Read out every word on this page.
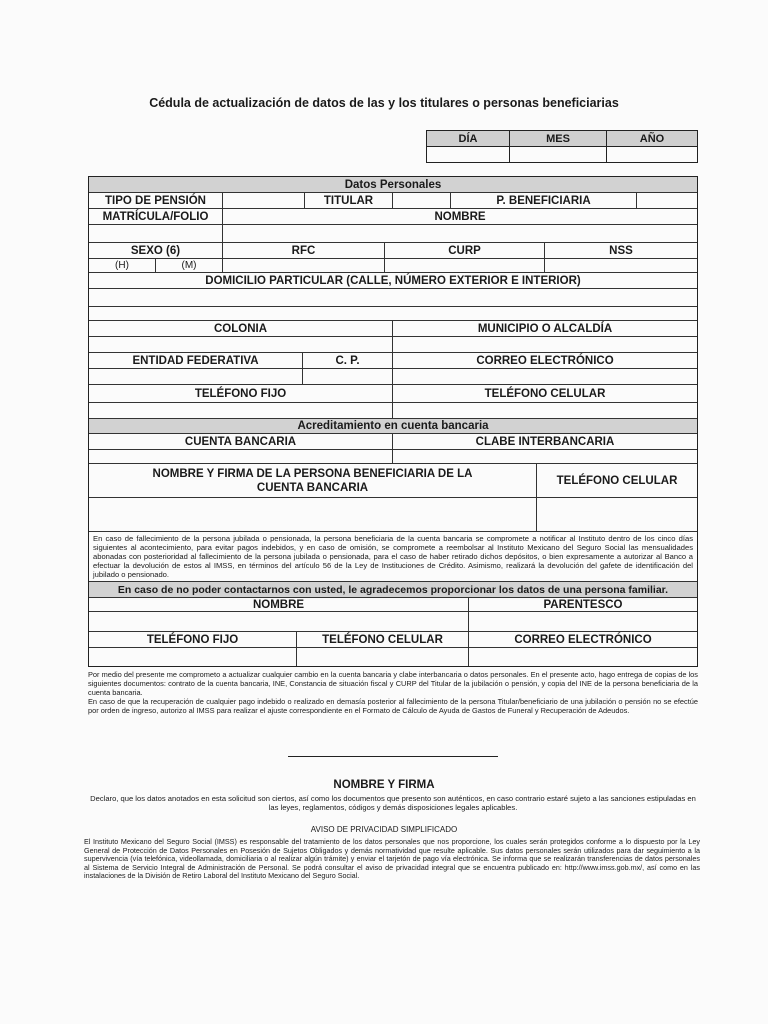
Cédula de actualización de datos de las y los titulares o personas beneficiarias
DÍA	MES	AÑO

Datos Personales
TIPO DE PENSIÓN	TITULAR	P. BENEFICIARIA
MATRÍCULA/FOLIO	NOMBRE
SEXO (6)	RFC	CURP	NSS
(H)	(M)
DOMICILIO PARTICULAR (CALLE, NÚMERO EXTERIOR E INTERIOR)
COLONIA	MUNICIPIO O ALCALDÍA
ENTIDAD FEDERATIVA	C. P.	CORREO ELECTRÓNICO
TELÉFONO FIJO	TELÉFONO CELULAR
Acreditamiento en cuenta bancaria
CUENTA BANCARIA	CLABE INTERBANCARIA
NOMBRE Y FIRMA DE LA PERSONA BENEFICIARIA DE LA CUENTA BANCARIA
TELÉFONO CELULAR
En caso de fallecimiento de la persona jubilada o pensionada, la persona beneficiaria de la cuenta bancaria se compromete a notificar al Instituto dentro de los cinco días siguientes al acontecimiento, para evitar pagos indebidos, y en caso de omisión, se compromete a reembolsar al Instituto Mexicano del Seguro Social las mensualidades abonadas con posterioridad al fallecimiento de la persona jubilada o pensionada, para el caso de haber retirado dichos depósitos, o bien expresamente a autorizar al Banco a efectuar la devolución de estos al IMSS, en términos del artículo 56 de la Ley de Instituciones de Crédito. Asimismo, realizará la devolución del gafete de identificación del jubilado o pensionado.
En caso de no poder contactarnos con usted, le agradecemos proporcionar los datos de una persona familiar.
NOMBRE	PARENTESCO
TELÉFONO FIJO	TELÉFONO CELULAR	CORREO ELECTRÓNICO
Por medio del presente me comprometo a actualizar cualquier cambio en la cuenta bancaria y clabe interbancaria o datos personales. En el presente acto, hago entrega de copias de los siguientes documentos: contrato de la cuenta bancaria, INE, Constancia de situación fiscal y CURP del Titular de la jubilación o pensión, y copia del INE de la persona beneficiaria de la cuenta bancaria.
En caso de que la recuperación de cualquier pago indebido o realizado en demasía posterior al fallecimiento de la persona Titular/beneficiario de una jubilación o pensión no se efectúe por orden de ingreso, autorizo al IMSS para realizar el ajuste correspondiente en el Formato de Cálculo de Ayuda de Gastos de Funeral y Recuperación de Adeudos.
NOMBRE Y FIRMA
Declaro, que los datos anotados en esta solicitud son ciertos, así como los documentos que presento son auténticos, en caso contrario estaré sujeto a las sanciones estipuladas en las leyes, reglamentos, códigos y demás disposiciones legales aplicables.
AVISO DE PRIVACIDAD SIMPLIFICADO
El Instituto Mexicano del Seguro Social (IMSS) es responsable del tratamiento de los datos personales que nos proporcione, los cuales serán protegidos conforme a lo dispuesto por la Ley General de Protección de Datos Personales en Posesión de Sujetos Obligados y demás normatividad que resulte aplicable. Sus datos personales serán utilizados para dar seguimiento a la supervivencia (vía telefónica, videollamada, domiciliaria o al realizar algún trámite) y enviar el tarjetón de pago vía electrónica. Se informa que se realizarán transferencias de datos personales al Sistema de Servicio Integral de Administración de Personal. Se podrá consultar el aviso de privacidad integral que se encuentra publicado en: http://www.imss.gob.mx/, así como en las instalaciones de la División de Retiro Laboral del Instituto Mexicano del Seguro Social.
